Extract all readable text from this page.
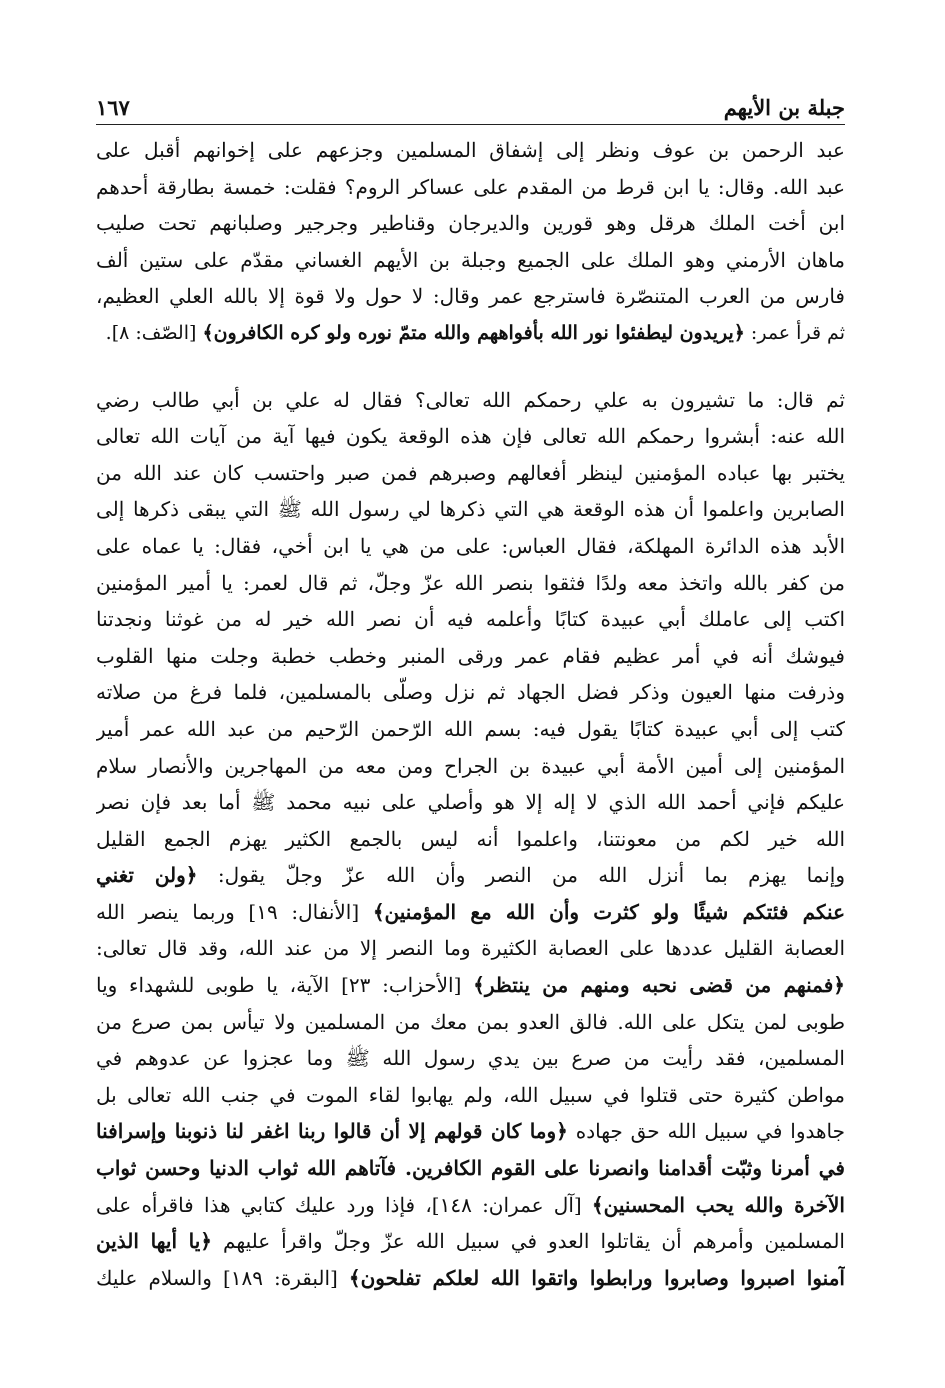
جبلة بن الأيهم
١٦٧
عبد الرحمن بن عوف ونظر إلى إشفاق المسلمين وجزعهم على إخوانهم أقبل على
عبد الله. وقال: يا ابن قرط من المقدم على عساكر الروم؟ فقلت: خمسة بطارقة أحدهم
ابن أخت الملك هرقل وهو قورين والديرجان وقناطير وجرجير وصلبانهم تحت صليب
ماهان الأرمني وهو الملك على الجميع وجبلة بن الأيهم الغساني مقدّم على ستين ألف
فارس من العرب المتنصّرة فاسترجع عمر وقال: لا حول ولا قوة إلا بالله العلي العظيم،
ثم قرأ عمر: ﴿يريدون ليطفئوا نور الله بأفواههم والله متمّ نوره ولو كره الكافرون﴾ [الصّف: ٨].
ثم قال: ما تشيرون به علي رحمكم الله تعالى؟ فقال له علي بن أبي طالب رضي
الله عنه: أبشروا رحمكم الله تعالى فإن هذه الوقعة يكون فيها آية من آيات الله تعالى
يختبر بها عباده المؤمنين لينظر أفعالهم وصبرهم فمن صبر واحتسب كان عند الله من
الصابرين واعلموا أن هذه الوقعة هي التي ذكرها لي رسول الله ﷺ التي يبقى ذكرها إلى
الأبد هذه الدائرة المهلكة، فقال العباس: على من هي يا ابن أخي، فقال: يا عماه على
من كفر بالله واتخذ معه ولدًا فثقوا بنصر الله عزّ وجلّ، ثم قال لعمر: يا أمير المؤمنين
اكتب إلى عاملك أبي عبيدة كتابًا وأعلمه فيه أن نصر الله خير له من غوثنا ونجدتنا
فيوشك أنه في أمر عظيم فقام عمر ورقى المنبر وخطب خطبة وجلت منها القلوب
وذرفت منها العيون وذكر فضل الجهاد ثم نزل وصلّى بالمسلمين، فلما فرغ من صلاته
كتب إلى أبي عبيدة كتابًا يقول فيه: بسم الله الرّحمن الرّحيم من عبد الله عمر أمير
المؤمنين إلى أمين الأمة أبي عبيدة بن الجراح ومن معه من المهاجرين والأنصار سلام
عليكم فإني أحمد الله الذي لا إله إلا هو وأصلي على نبيه محمد ﷺ أما بعد فإن نصر
الله خير لكم من معونتنا، واعلموا أنه ليس بالجمع الكثير يهزم الجمع القليل
وإنما يهزم بما أنزل الله من النصر وأن الله عزّ وجلّ يقول: ﴿ولن تغني
عنكم فئتكم شيئًا ولو كثرت وأن الله مع المؤمنين﴾ [الأنفال: ١٩] وربما ينصر الله
العصابة القليل عددها على العصابة الكثيرة وما النصر إلا من عند الله، وقد قال تعالى:
﴿فمنهم من قضى نحبه ومنهم من ينتظر﴾ [الأحزاب: ٢٣] الآية، يا طوبى للشهداء ويا
طوبى لمن يتكل على الله. فالق العدو بمن معك من المسلمين ولا تيأس بمن صرع من
المسلمين، فقد رأيت من صرع بين يدي رسول الله ﷺ وما عجزوا عن عدوهم في
مواطن كثيرة حتى قتلوا في سبيل الله، ولم يهابوا لقاء الموت في جنب الله تعالى بل
جاهدوا في سبيل الله حق جهاده ﴿وما كان قولهم إلا أن قالوا ربنا اغفر لنا ذنوبنا وإسرافنا
في أمرنا وثبّت أقدامنا وانصرنا على القوم الكافرين. فآتاهم الله ثواب الدنيا وحسن ثواب
الآخرة والله يحب المحسنين﴾ [آل عمران: ١٤٨]، فإذا ورد عليك كتابي هذا فاقرأه على
المسلمين وأمرهم أن يقاتلوا العدو في سبيل الله عزّ وجلّ واقرأ عليهم ﴿يا أيها الذين
آمنوا اصبروا وصابروا ورابطوا واتقوا الله لعلكم تفلحون﴾ [البقرة: ١٨٩] والسلام عليك
